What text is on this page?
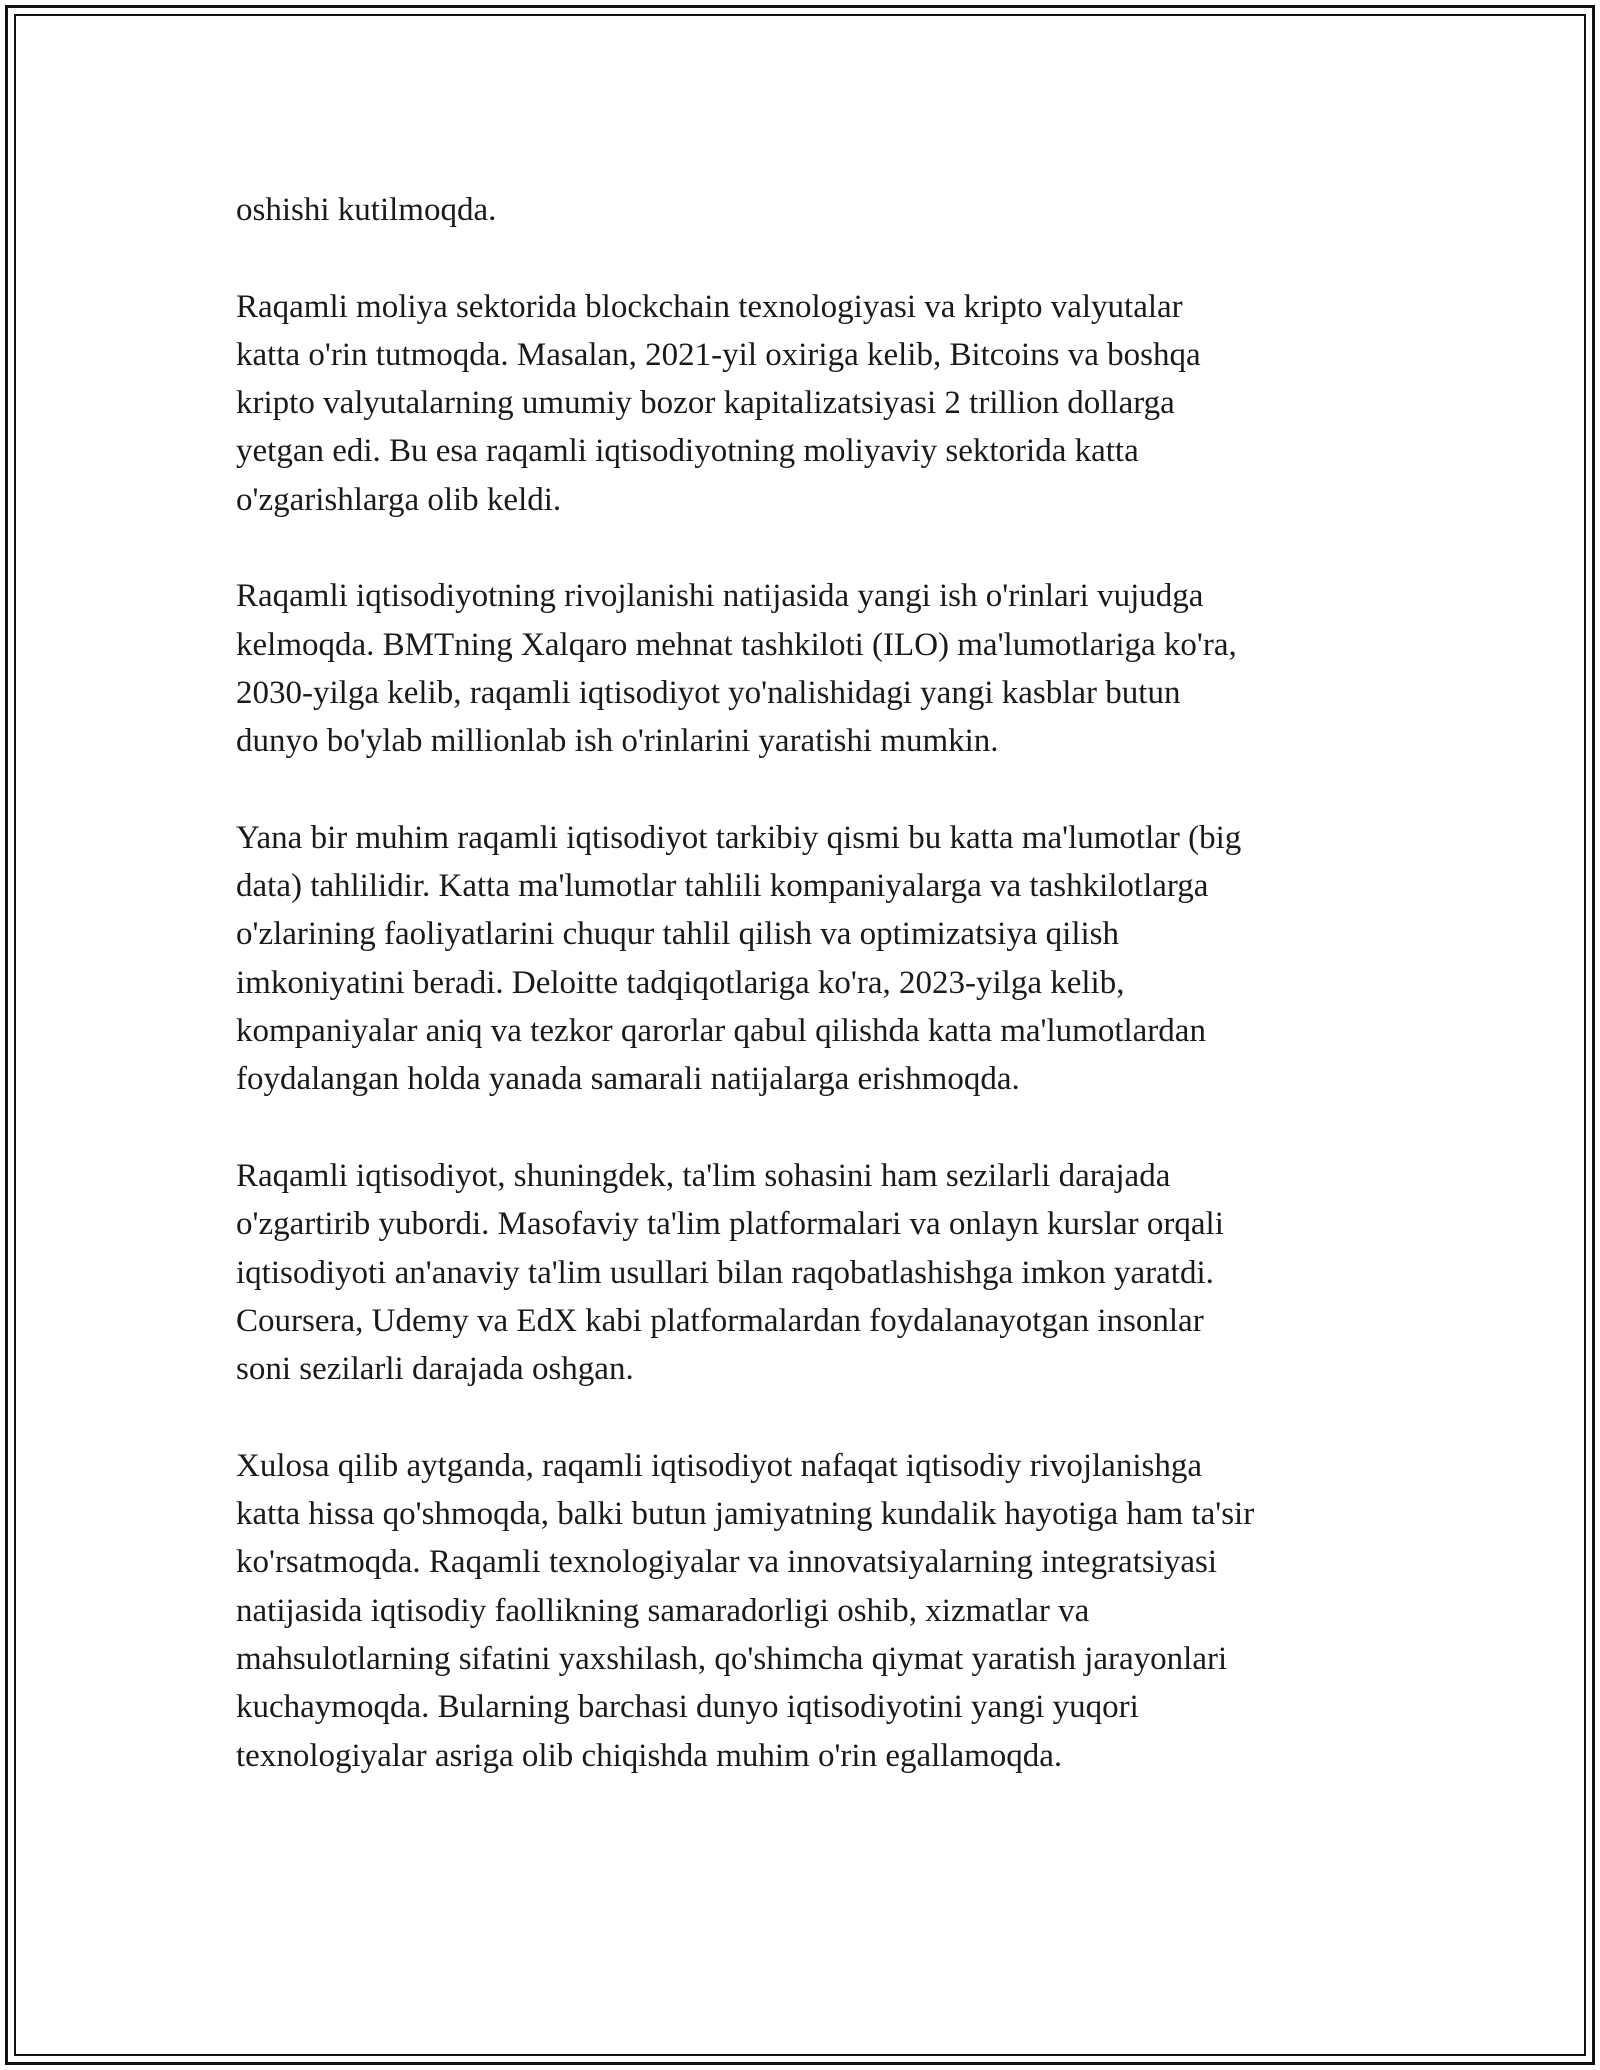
oshishi kutilmoqda.

Raqamli moliya sektorida blockchain texnologiyasi va kripto valyutalar
katta o'rin tutmoqda. Masalan, 2021-yil oxiriga kelib, Bitcoins va boshqa
kripto valyutalarning umumiy bozor kapitalizatsiyasi 2 trillion dollarga
yetgan edi. Bu esa raqamli iqtisodiyotning moliyaviy sektorida katta
o'zgarishlarga olib keldi.

Raqamli iqtisodiyotning rivojlanishi natijasida yangi ish o'rinlari vujudga
kelmoqda. BMTning Xalqaro mehnat tashkiloti (ILO) ma'lumotlariga ko'ra,
2030-yilga kelib, raqamli iqtisodiyot yo'nalishidagi yangi kasblar butun
dunyo bo'ylab millionlab ish o'rinlarini yaratishi mumkin.

Yana bir muhim raqamli iqtisodiyot tarkibiy qismi bu katta ma'lumotlar (big
data) tahlilidir. Katta ma'lumotlar tahlili kompaniyalarga va tashkilotlarga
o'zlarining faoliyatlarini chuqur tahlil qilish va optimizatsiya qilish
imkoniyatini beradi. Deloitte tadqiqotlariga ko'ra, 2023-yilga kelib,
kompaniyalar aniq va tezkor qarorlar qabul qilishda katta ma'lumotlardan
foydalangan holda yanada samarali natijalarga erishmoqda.

Raqamli iqtisodiyot, shuningdek, ta'lim sohasini ham sezilarli darajada
o'zgartirib yubordi. Masofaviy ta'lim platformalari va onlayn kurslar orqali
iqtisodiyoti an'anaviy ta'lim usullari bilan raqobatlashishga imkon yaratdi.
Coursera, Udemy va EdX kabi platformalardan foydalanayotgan insonlar
soni sezilarli darajada oshgan.

Xulosa qilib aytganda, raqamli iqtisodiyot nafaqat iqtisodiy rivojlanishga
katta hissa qo'shmoqda, balki butun jamiyatning kundalik hayotiga ham ta'sir
ko'rsatmoqda. Raqamli texnologiyalar va innovatsiyalarning integratsiyasi
natijasida iqtisodiy faollikning samaradorligi oshib, xizmatlar va
mahsulotlarning sifatini yaxshilash, qo'shimcha qiymat yaratish jarayonlari
kuchaymoqda. Bularning barchasi dunyo iqtisodiyotini yangi yuqori
texnologiyalar asriga olib chiqishda muhim o'rin egallamoqda.
